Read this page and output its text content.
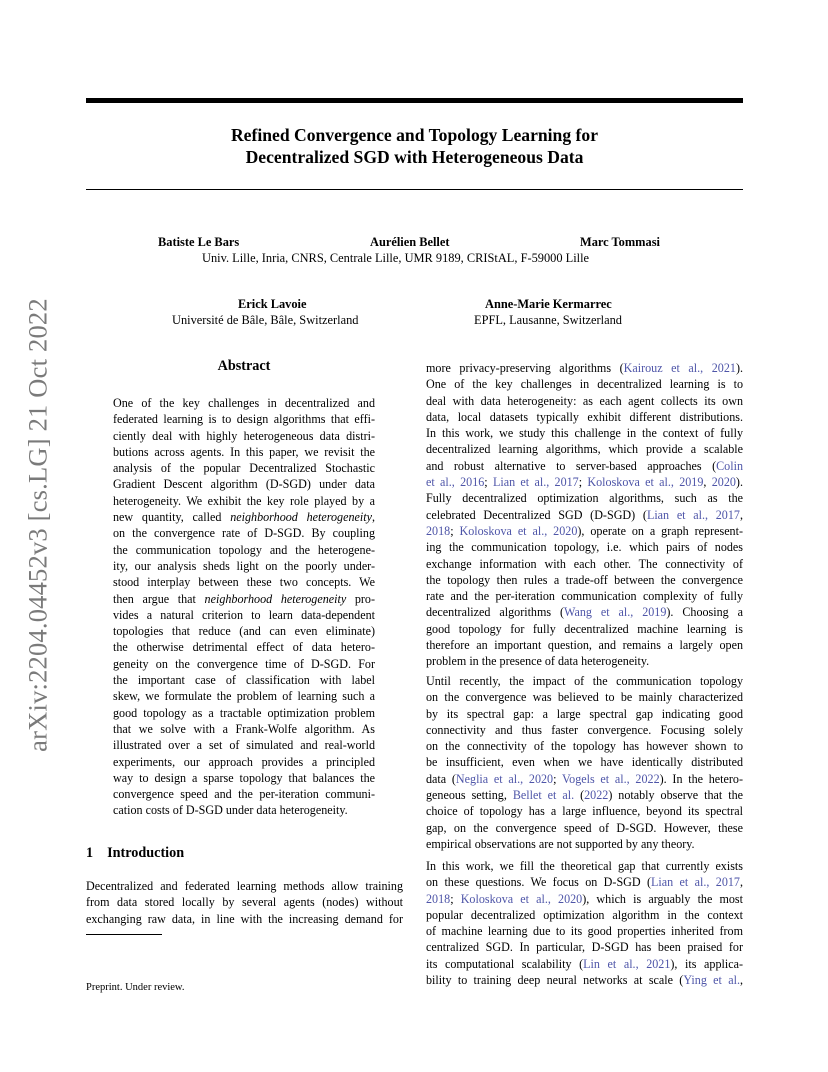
arXiv:2204.04452v3 [cs.LG] 21 Oct 2022
Refined Convergence and Topology Learning for
Decentralized SGD with Heterogeneous Data
Batiste Le Bars	Aurélien Bellet	Marc Tommasi
Univ. Lille, Inria, CNRS, Centrale Lille, UMR 9189, CRIStAL, F-59000 Lille
Erick Lavoie
Université de Bâle, Bâle, Switzerland
Anne-Marie Kermarrec
EPFL, Lausanne, Switzerland
Abstract
One of the key challenges in decentralized and
federated learning is to design algorithms that effi-
ciently deal with highly heterogeneous data distri-
butions across agents. In this paper, we revisit the
analysis of the popular Decentralized Stochastic
Gradient Descent algorithm (D-SGD) under data
heterogeneity. We exhibit the key role played by a
new quantity, called neighborhood heterogeneity,
on the convergence rate of D-SGD. By coupling
the communication topology and the heterogene-
ity, our analysis sheds light on the poorly under-
stood interplay between these two concepts. We
then argue that neighborhood heterogeneity pro-
vides a natural criterion to learn data-dependent
topologies that reduce (and can even eliminate)
the otherwise detrimental effect of data hetero-
geneity on the convergence time of D-SGD. For
the important case of classification with label
skew, we formulate the problem of learning such a
good topology as a tractable optimization problem
that we solve with a Frank-Wolfe algorithm. As
illustrated over a set of simulated and real-world
experiments, our approach provides a principled
way to design a sparse topology that balances the
convergence speed and the per-iteration communi-
cation costs of D-SGD under data heterogeneity.
1 Introduction
Decentralized and federated learning methods allow training
from data stored locally by several agents (nodes) without
exchanging raw data, in line with the increasing demand for
Preprint. Under review.
more privacy-preserving algorithms (Kairouz et al., 2021).
One of the key challenges in decentralized learning is to
deal with data heterogeneity: as each agent collects its own
data, local datasets typically exhibit different distributions.
In this work, we study this challenge in the context of fully
decentralized learning algorithms, which provide a scalable
and robust alternative to server-based approaches (Colin
et al., 2016; Lian et al., 2017; Koloskova et al., 2019, 2020).
Fully decentralized optimization algorithms, such as the
celebrated Decentralized SGD (D-SGD) (Lian et al., 2017,
2018; Koloskova et al., 2020), operate on a graph represent-
ing the communication topology, i.e. which pairs of nodes
exchange information with each other. The connectivity of
the topology then rules a trade-off between the convergence
rate and the per-iteration communication complexity of fully
decentralized algorithms (Wang et al., 2019). Choosing a
good topology for fully decentralized machine learning is
therefore an important question, and remains a largely open
problem in the presence of data heterogeneity.
Until recently, the impact of the communication topology
on the convergence was believed to be mainly characterized
by its spectral gap: a large spectral gap indicating good
connectivity and thus faster convergence. Focusing solely
on the connectivity of the topology has however shown to
be insufficient, even when we have identically distributed
data (Neglia et al., 2020; Vogels et al., 2022). In the hetero-
geneous setting, Bellet et al. (2022) notably observe that the
choice of topology has a large influence, beyond its spectral
gap, on the convergence speed of D-SGD. However, these
empirical observations are not supported by any theory.
In this work, we fill the theoretical gap that currently exists
on these questions. We focus on D-SGD (Lian et al., 2017,
2018; Koloskova et al., 2020), which is arguably the most
popular decentralized optimization algorithm in the context
of machine learning due to its good properties inherited from
centralized SGD. In particular, D-SGD has been praised for
its computational scalability (Lin et al., 2021), its applica-
bility to training deep neural networks at scale (Ying et al.,
